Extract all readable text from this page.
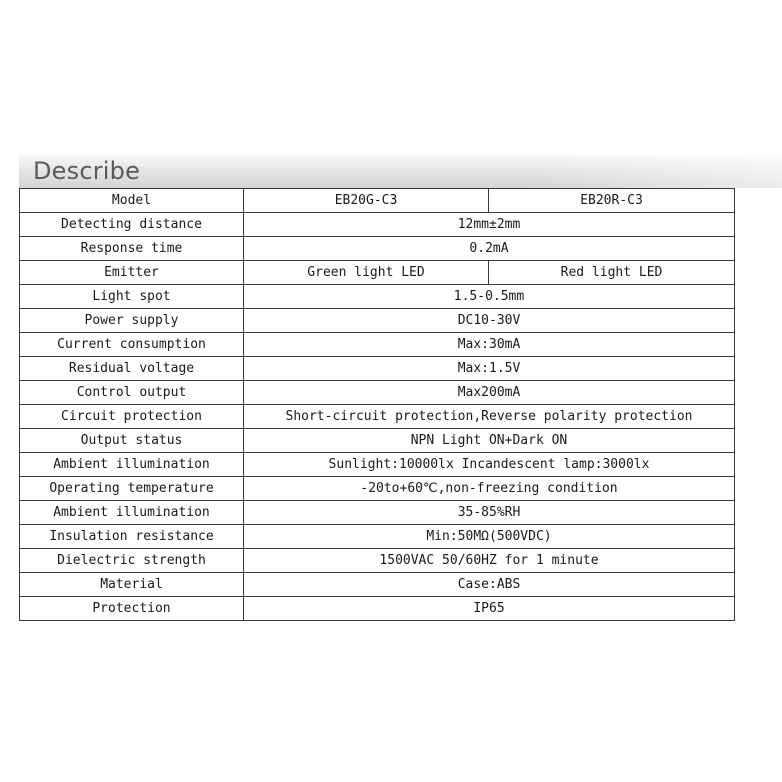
Describe
Model	EB20G-C3	EB20R-C3
Detecting distance	12mm±2mm	
Response time	0.2mA	
Emitter	Green light LED	Red light LED
Light spot	1.5-0.5mm	
Power supply	DC10-30V	
Current consumption	Max:30mA	
Residual voltage	Max:1.5V	
Control output	Max200mA	
Circuit protection	Short-circuit protection,Reverse polarity protection	
Output status	NPN Light ON+Dark ON	
Ambient illumination	Sunlight:10000lx Incandescent lamp:3000lx	
Operating temperature	-20to+60℃,non-freezing condition	
Ambient illumination	35-85%RH	
Insulation resistance	Min:50MΩ(500VDC)	
Dielectric strength	1500VAC 50/60HZ for 1 minute	
Material	Case:ABS	
Protection	IP65	
